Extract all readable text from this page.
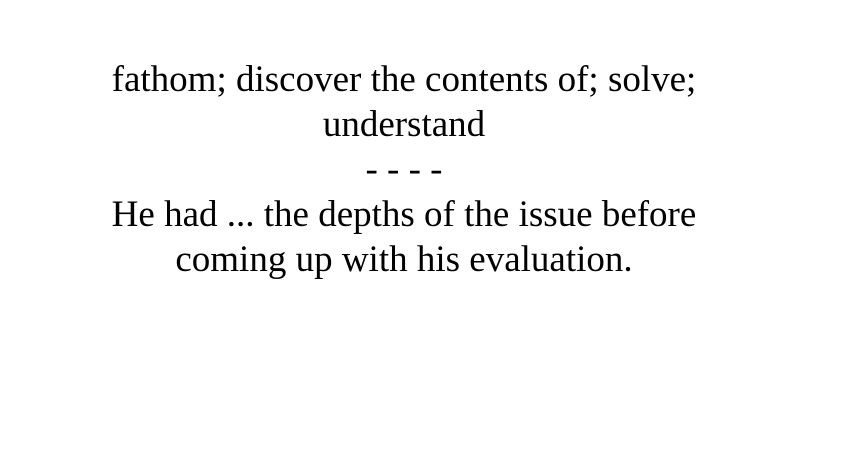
fathom; discover the contents of; solve;
understand
- - - -
He had ... the depths of the issue before
coming up with his evaluation.
